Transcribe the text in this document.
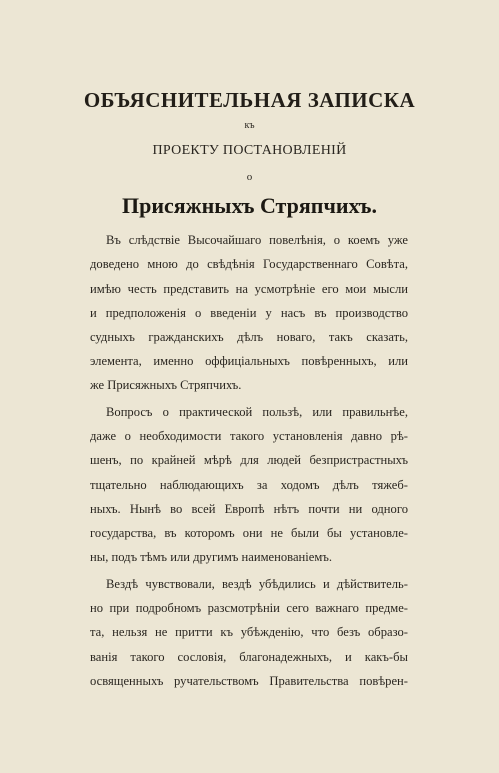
ОБЪЯСНИТЕЛЬНАЯ ЗАПИСКА
къ
ПРОЕКТУ ПОСТАНОВЛЕНІЙ
о
Присяжныхъ Стряпчихъ.
Въ слѣдствіе Высочайшаго повелѣнія, о коемъ уже
доведено мною до свѣдѣнія Государственнаго Совѣта,
имѣю честь представить на усмотрѣніе его мои мысли
и предположенія о введеніи у насъ въ производство
судныхъ гражданскихъ дѣлъ новаго, такъ сказать,
элемента, именно оффиціальныхъ повѣренныхъ, или
же Присяжныхъ Стряпчихъ.
Вопросъ о практической пользѣ, или правильнѣе,
даже о необходимости такого установленія давно рѣ-
шенъ, по крайней мѣрѣ для людей безпристрастныхъ
тщательно наблюдающихъ за ходомъ дѣлъ тяжеб-
ныхъ. Нынѣ во всей Европѣ нѣтъ почти ни одного
государства, въ которомъ они не были бы установле-
ны, подъ тѣмъ или другимъ наименованіемъ.
Вездѣ чувствовали, вездѣ убѣдились и дѣйствитель-
но при подробномъ разсмотрѣніи сего важнаго предме-
та, нельзя не притти къ убѣжденію, что безъ образо-
ванія такого сословія, благонадежныхъ, и какъ-бы
освященныхъ ручательствомъ Правительства повѣрен-
